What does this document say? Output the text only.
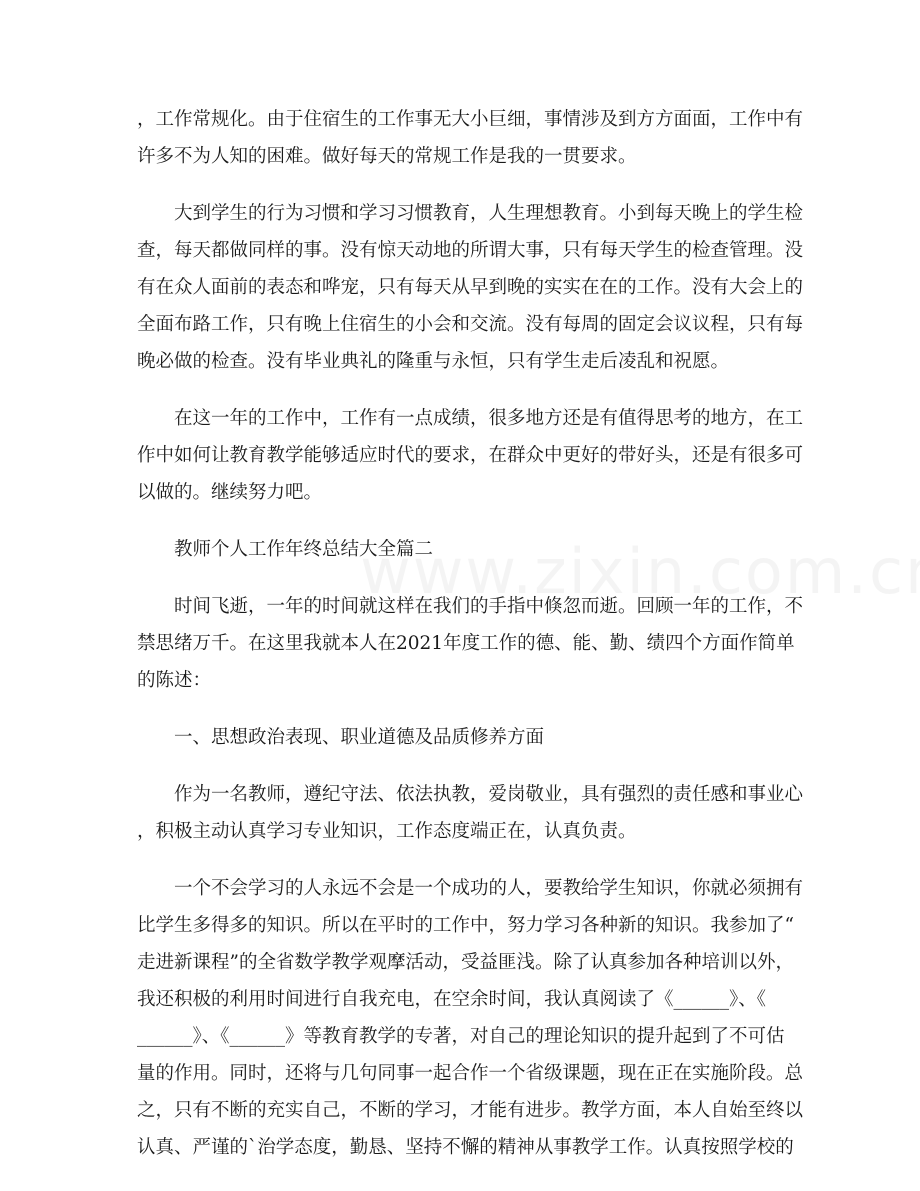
，工作常规化。由于住宿生的工作事无大小巨细，事情涉及到方方面面，工作中有
许多不为人知的困难。做好每天的常规工作是我的一贯要求。
大到学生的行为习惯和学习习惯教育，人生理想教育。小到每天晚上的学生检
查，每天都做同样的事。没有惊天动地的所谓大事，只有每天学生的检查管理。没
有在众人面前的表态和哗宠，只有每天从早到晚的实实在在的工作。没有大会上的
全面布路工作，只有晚上住宿生的小会和交流。没有每周的固定会议议程，只有每
晚必做的检查。没有毕业典礼的隆重与永恒，只有学生走后凌乱和祝愿。
在这一年的工作中，工作有一点成绩，很多地方还是有值得思考的地方，在工
作中如何让教育教学能够适应时代的要求，在群众中更好的带好头，还是有很多可
以做的。继续努力吧。
教师个人工作年终总结大全篇二
时间飞逝，一年的时间就这样在我们的手指中倏忽而逝。回顾一年的工作，不
禁思绪万千。在这里我就本人在2021年度工作的德、能、勤、绩四个方面作简单
的陈述：
一、思想政治表现、职业道德及品质修养方面
作为一名教师，遵纪守法、依法执教，爱岗敬业，具有强烈的责任感和事业心
，积极主动认真学习专业知识，工作态度端正在，认真负责。
一个不会学习的人永远不会是一个成功的人，要教给学生知识，你就必须拥有
比学生多得多的知识。所以在平时的工作中，努力学习各种新的知识。我参加了“
走进新课程”的全省数学教学观摩活动，受益匪浅。除了认真参加各种培训以外，
我还积极的利用时间进行自我充电，在空余时间，我认真阅读了《______》、《
______》、《______》等教育教学的专著，对自己的理论知识的提升起到了不可估
量的作用。同时，还将与几句同事一起合作一个省级课题，现在正在实施阶段。总
之，只有不断的充实自己，不断的学习，才能有进步。教学方面，本人自始至终以
认真、严谨的`治学态度，勤恳、坚持不懈的精神从事教学工作。认真按照学校的
